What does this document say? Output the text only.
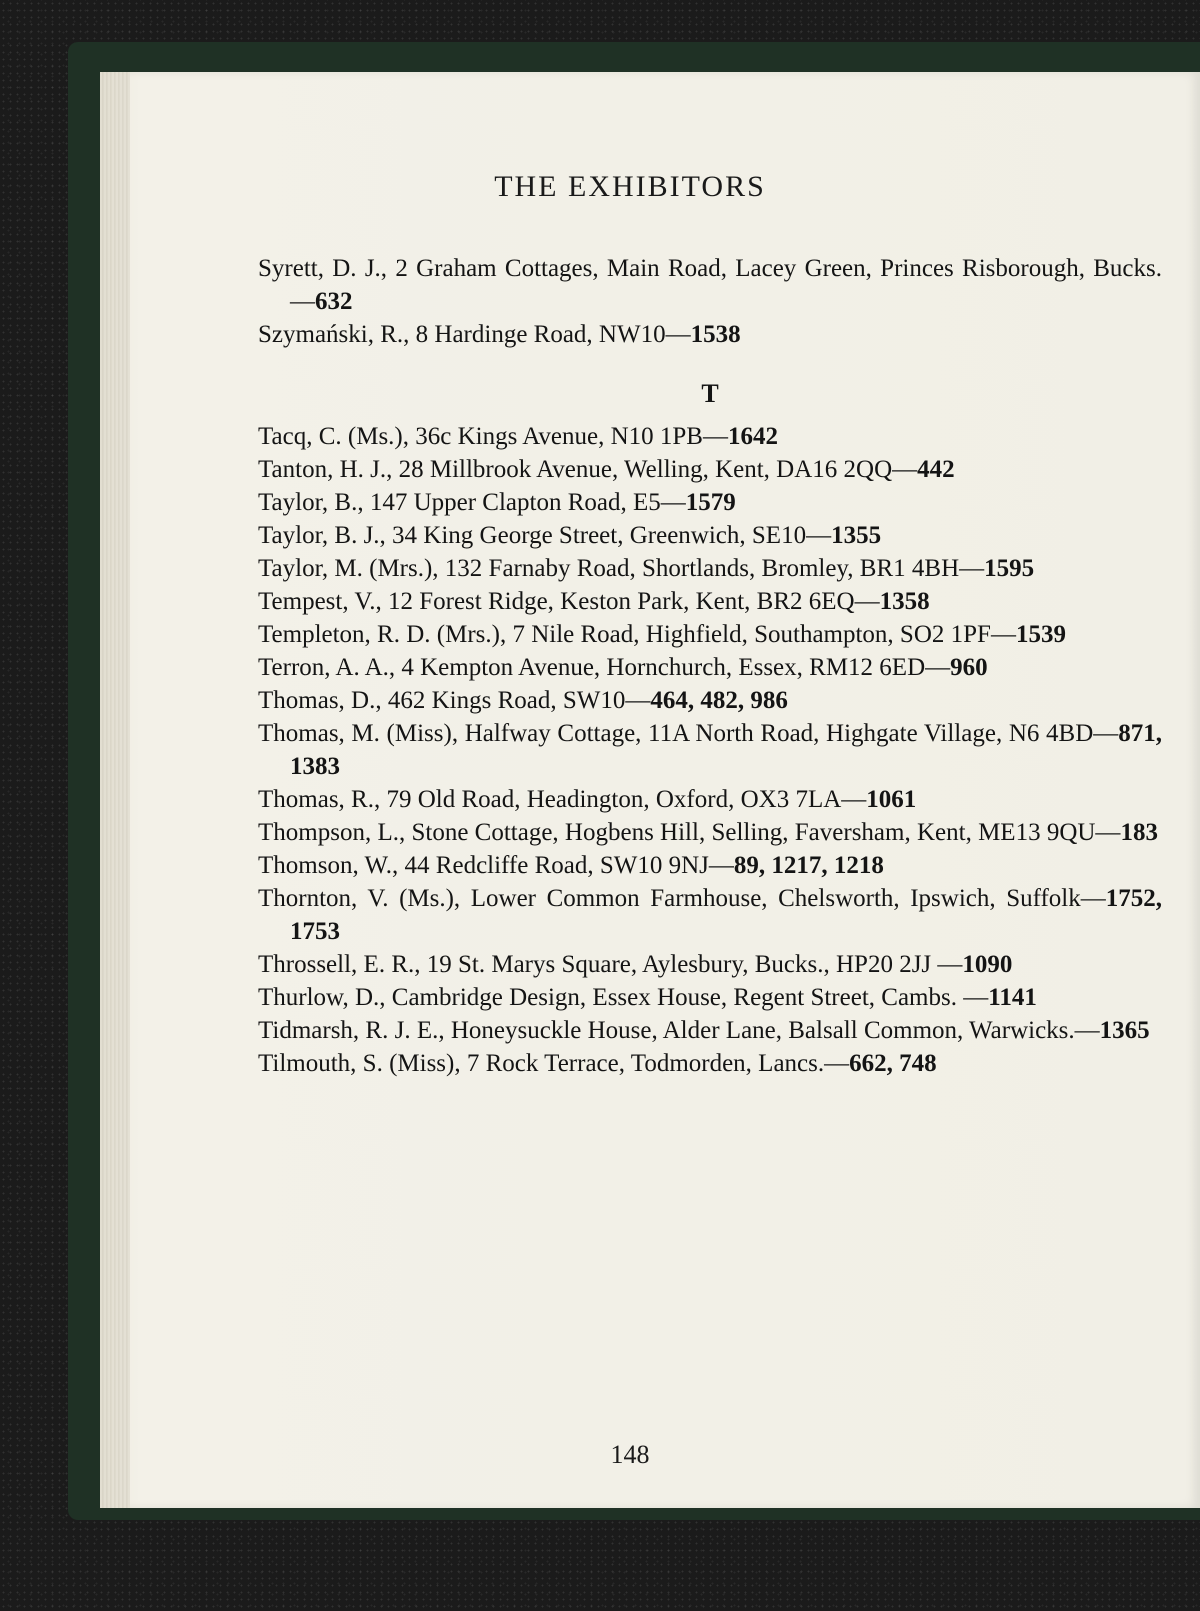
THE EXHIBITORS
Syrett, D. J., 2 Graham Cottages, Main Road, Lacey Green, Princes Risborough, Bucks.—632
Szymański, R., 8 Hardinge Road, NW10—1538
T
Tacq, C. (Ms.), 36c Kings Avenue, N10 1PB—1642
Tanton, H. J., 28 Millbrook Avenue, Welling, Kent, DA16 2QQ—442
Taylor, B., 147 Upper Clapton Road, E5—1579
Taylor, B. J., 34 King George Street, Greenwich, SE10—1355
Taylor, M. (Mrs.), 132 Farnaby Road, Shortlands, Bromley, BR1 4BH—1595
Tempest, V., 12 Forest Ridge, Keston Park, Kent, BR2 6EQ—1358
Templeton, R. D. (Mrs.), 7 Nile Road, Highfield, Southampton, SO2 1PF—1539
Terron, A. A., 4 Kempton Avenue, Hornchurch, Essex, RM12 6ED—960
Thomas, D., 462 Kings Road, SW10—464, 482, 986
Thomas, M. (Miss), Halfway Cottage, 11A North Road, Highgate Village, N6 4BD—871, 1383
Thomas, R., 79 Old Road, Headington, Oxford, OX3 7LA—1061
Thompson, L., Stone Cottage, Hogbens Hill, Selling, Faversham, Kent, ME13 9QU—183
Thomson, W., 44 Redcliffe Road, SW10 9NJ—89, 1217, 1218
Thornton, V. (Ms.), Lower Common Farmhouse, Chelsworth, Ipswich, Suffolk—1752, 1753
Throssell, E. R., 19 St. Marys Square, Aylesbury, Bucks., HP20 2JJ —1090
Thurlow, D., Cambridge Design, Essex House, Regent Street, Cambs. —1141
Tidmarsh, R. J. E., Honeysuckle House, Alder Lane, Balsall Common, Warwicks.—1365
Tilmouth, S. (Miss), 7 Rock Terrace, Todmorden, Lancs.—662, 748
148
